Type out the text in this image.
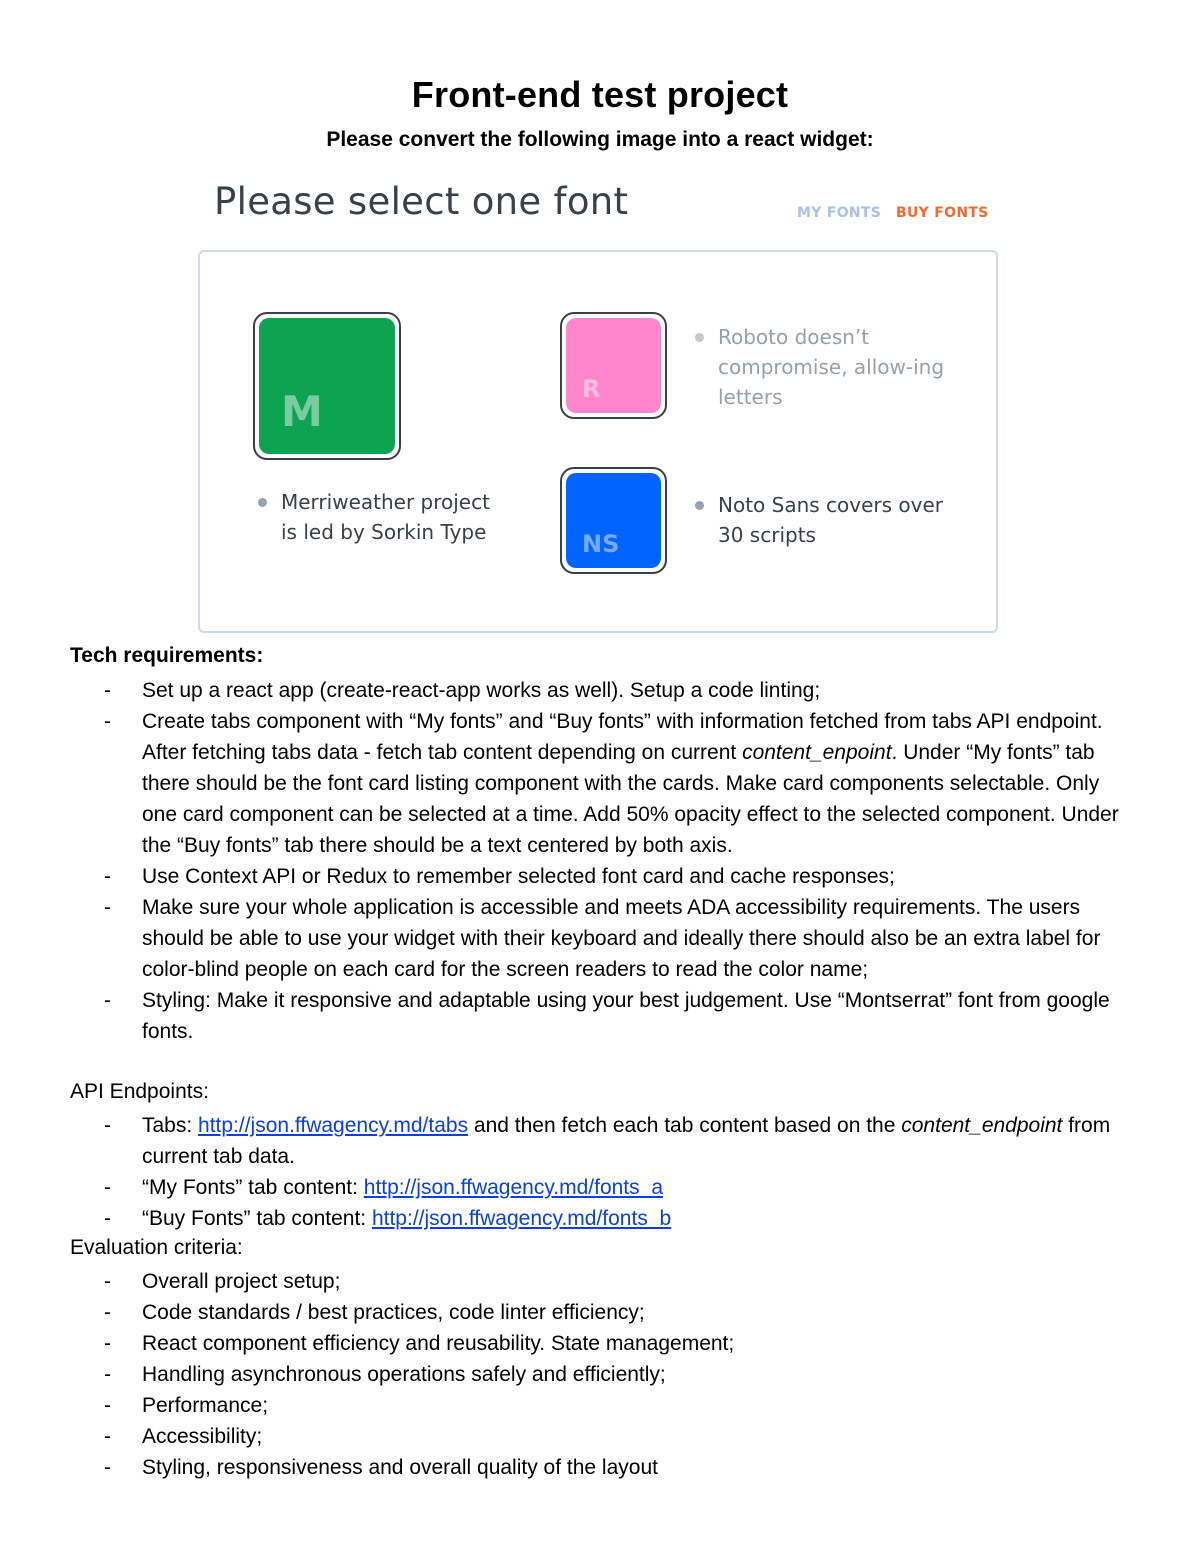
Front-end test project
Please convert the following image into a react widget:
Please select one font	MY FONTS BUY FONTS
M	R
NS
Merriweather project is led by Sorkin Type
Roboto doesn’t compromise, allow-ing letters
Noto Sans covers over 30 scripts
Tech requirements:
- Set up a react app (create-react-app works as well). Setup a code linting;
- Create tabs component with “My fonts” and “Buy fonts” with information fetched from tabs API endpoint. After fetching tabs data - fetch tab content depending on current content_enpoint. Under “My fonts” tab there should be the font card listing component with the cards. Make card components selectable. Only one card component can be selected at a time. Add 50% opacity effect to the selected component. Under the “Buy fonts” tab there should be a text centered by both axis.
- Use Context API or Redux to remember selected font card and cache responses;
- Make sure your whole application is accessible and meets ADA accessibility requirements. The users should be able to use your widget with their keyboard and ideally there should also be an extra label for color-blind people on each card for the screen readers to read the color name;
- Styling: Make it responsive and adaptable using your best judgement. Use “Montserrat” font from google fonts.
API Endpoints:
- Tabs: http://json.ffwagency.md/tabs and then fetch each tab content based on the content_endpoint from current tab data.
- “My Fonts” tab content: http://json.ffwagency.md/fonts_a
- “Buy Fonts” tab content: http://json.ffwagency.md/fonts_b
Evaluation criteria:
- Overall project setup;
- Code standards / best practices, code linter efficiency;
- React component efficiency and reusability. State management;
- Handling asynchronous operations safely and efficiently;
- Performance;
- Accessibility;
- Styling, responsiveness and overall quality of the layout
